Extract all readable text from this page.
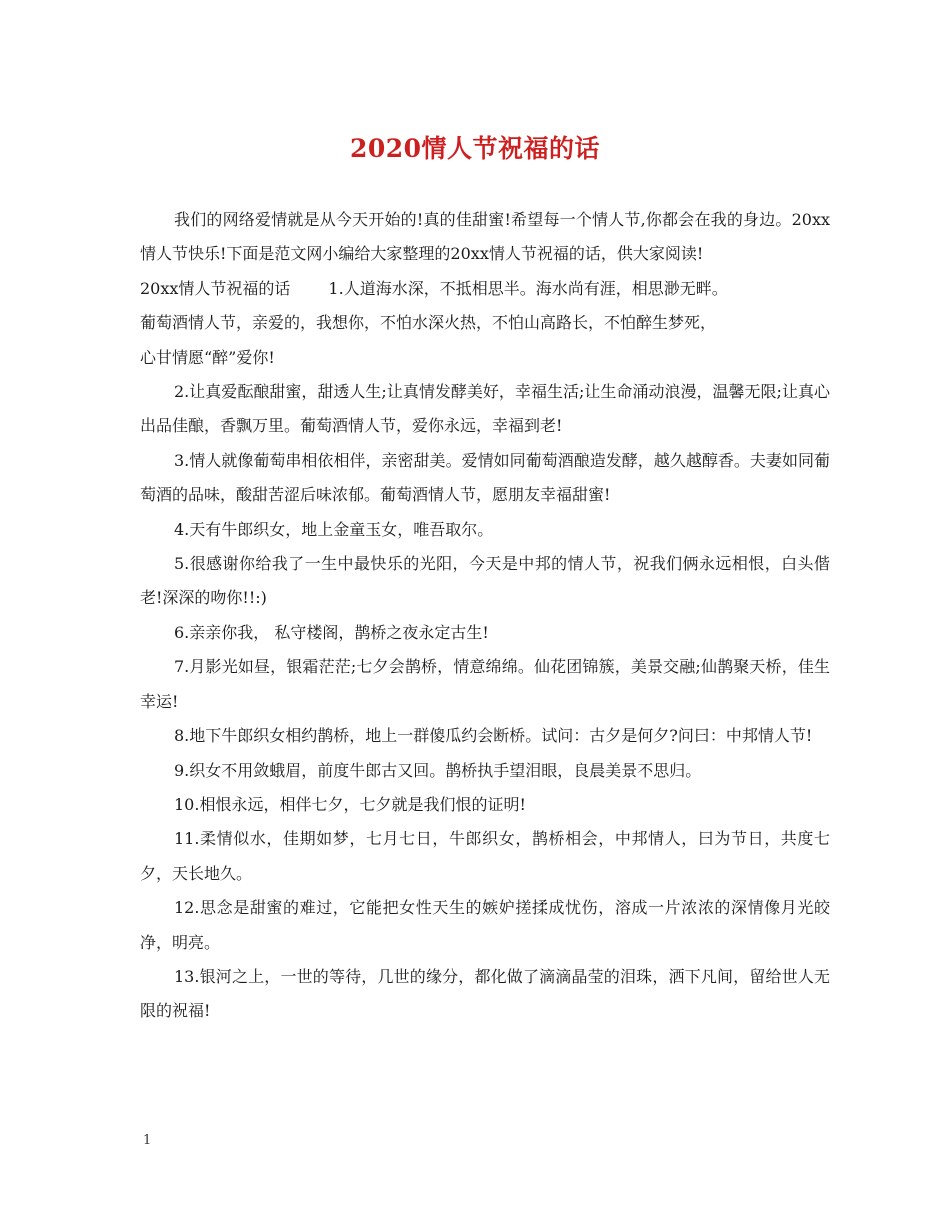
2020情人节祝福的话

我们的网络爱情就是从今天开始的!真的佳甜蜜!希望每一个情人节,你都会在我的身边。20xx情人节快乐!下面是范文网小编给大家整理的20xx情人节祝福的话，供大家阅读!

20xx情人节祝福的话 1.人道海水深，不抵相思半。海水尚有涯，相思渺无畔。

葡萄酒情人节，亲爱的，我想你，不怕水深火热，不怕山高路长，不怕醉生梦死，

心甘情愿“醉”爱你!

2.让真爱酝酿甜蜜，甜透人生;让真情发酵美好，幸福生活;让生命涌动浪漫，温馨无限;让真心出品佳酿，香飘万里。葡萄酒情人节，爱你永远，幸福到老!

3.情人就像葡萄串相依相伴，亲密甜美。爱情如同葡萄酒酿造发酵，越久越醇香。夫妻如同葡萄酒的品味，酸甜苦涩后味浓郁。葡萄酒情人节，愿朋友幸福甜蜜!

4.天有牛郎织女，地上金童玉女，唯吾取尔。

5.很感谢你给我了一生中最快乐的光阳，今天是中邦的情人节，祝我们俩永远相恨，白头偕老!深深的吻你!!:)

6.亲亲你我， 私守楼阁，鹊桥之夜永定古生!

7.月影光如昼，银霜茫茫;七夕会鹊桥，情意绵绵。仙花团锦簇，美景交融;仙鹊聚天桥，佳生幸运!

8.地下牛郎织女相约鹊桥，地上一群傻瓜约会断桥。试问：古夕是何夕?问曰：中邦情人节!

9.织女不用敛蛾眉，前度牛郎古又回。鹊桥执手望泪眼，良晨美景不思归。

10.相恨永远，相伴七夕，七夕就是我们恨的证明!

11.柔情似水，佳期如梦，七月七日，牛郎织女，鹊桥相会，中邦情人，曰为节日，共度七夕，天长地久。

12.思念是甜蜜的难过，它能把女性天生的嫉妒搓揉成忧伤，溶成一片浓浓的深情像月光皎净，明亮。

13.银河之上，一世的等待，几世的缘分，都化做了滴滴晶莹的泪珠，洒下凡间，留给世人无限的祝福!

1
